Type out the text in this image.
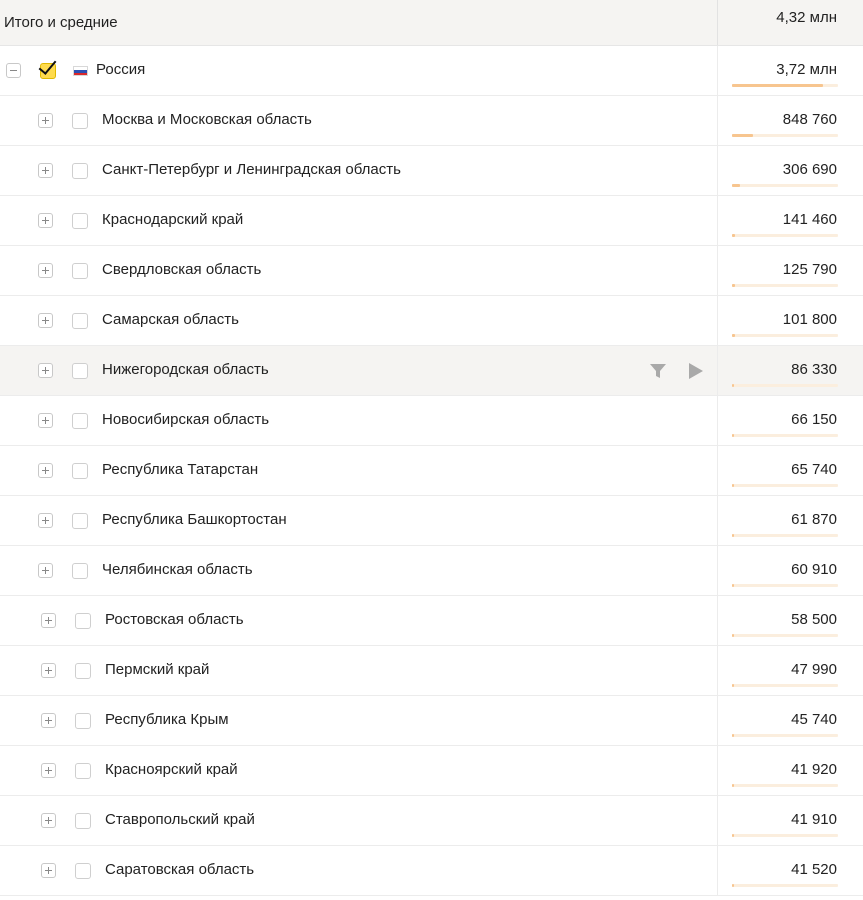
Итого и средние	4,32 млн
Россия	3,72 млн
Москва и Московская область	848 760
Санкт-Петербург и Ленинградская область	306 690
Краснодарский край	141 460
Свердловская область	125 790
Самарская область	101 800
Нижегородская область	86 330
Новосибирская область	66 150
Республика Татарстан	65 740
Республика Башкортостан	61 870
Челябинская область	60 910
Ростовская область	58 500
Пермский край	47 990
Республика Крым	45 740
Красноярский край	41 920
Ставропольский край	41 910
Саратовская область	41 520
